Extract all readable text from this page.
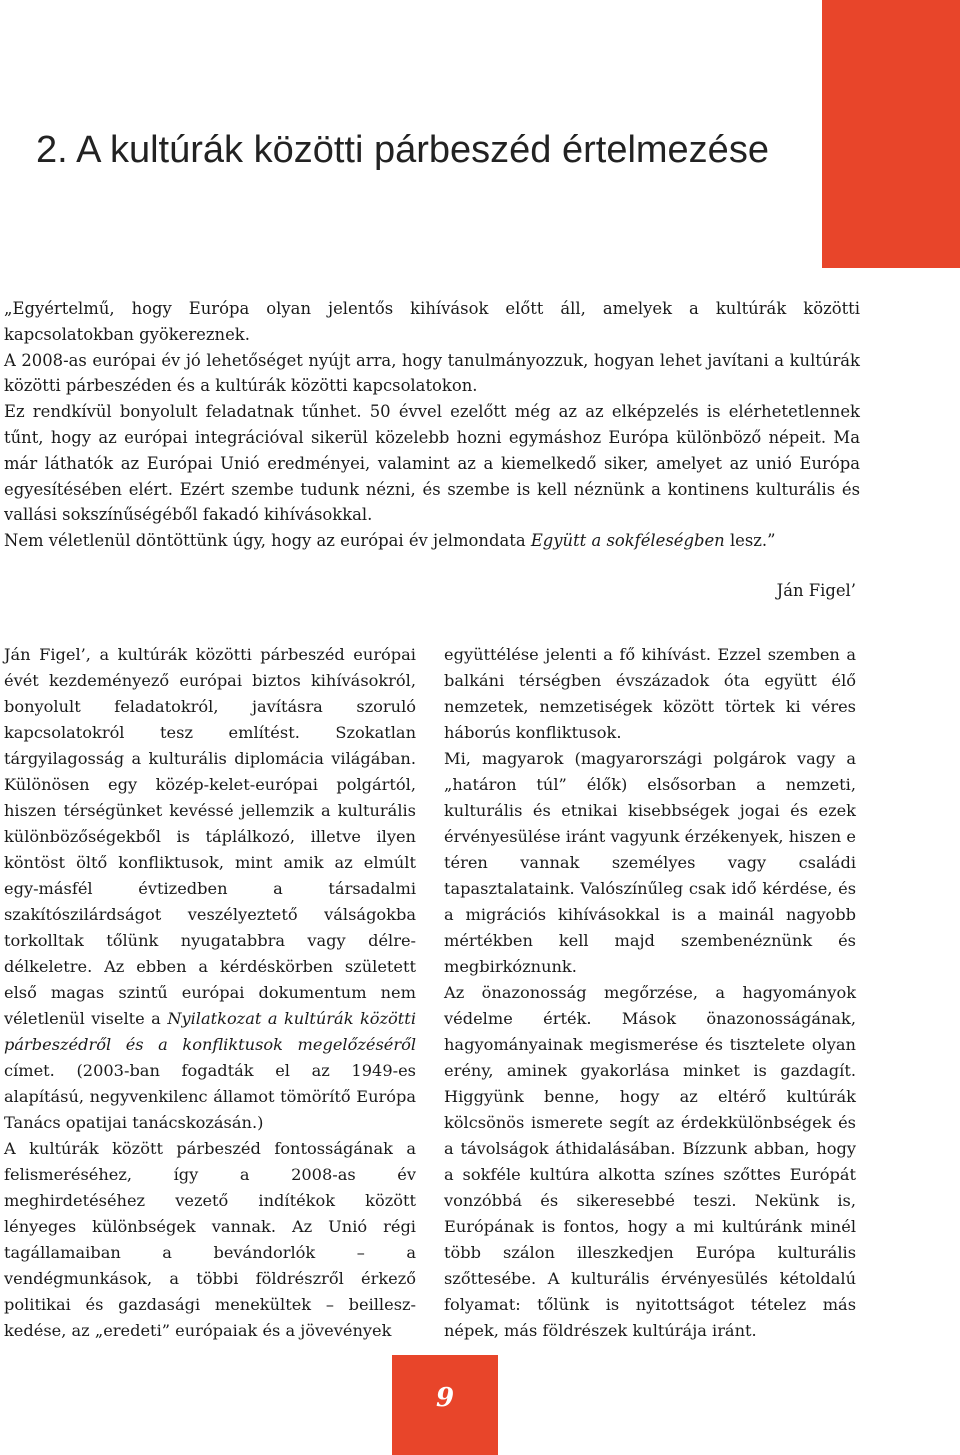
2. A kultúrák közötti párbeszéd értelmezése

„Egyértelmű, hogy Európa olyan jelentős kihívások előtt áll, amelyek a kultúrák közötti kapcsolatokban gyökereznek.

A 2008-as európai év jó lehetőséget nyújt arra, hogy tanulmányozzuk, hogyan lehet javítani a kultúrák közötti párbeszéden és a kultúrák közötti kapcsolatokon.

Ez rendkívül bonyolult feladatnak tűnhet. 50 évvel ezelőtt még az az elképzelés is elérhetetlennek tűnt, hogy az európai integrációval sikerül közelebb hozni egymáshoz Európa különböző népeit. Ma már láthatók az Európai Unió eredményei, valamint az a kiemelkedő siker, amelyet az unió Európa egyesítésében elért. Ezért szembe tudunk nézni, és szembe is kell néznünk a kontinens kulturális és vallási sokszínűségéből fakadó kihívásokkal.

Nem véletlenül döntöttünk úgy, hogy az európai év jelmondata Együtt a sokféleségben lesz.”

Ján Figel’

Ján Figel’, a kultúrák közötti párbeszéd európai évét kezdeményező európai biztos kihívásokról, bonyolult feladatokról, javításra szoruló kapcsolatokról tesz említést. Szokatlan tárgyilagosság a kulturális diplomácia világában. Különösen egy közép-kelet-európai polgártól, hiszen térségünket kevéssé jellemzik a kulturális különbözőségekből is táplálkozó, illetve ilyen köntöst öltő konfliktusok, mint amik az elmúlt egy-másfél évtizedben a társadalmi szakítószilárdságot veszélyeztető válságokba torkolltak tőlünk nyugatabbra vagy délre-délkeletre. Az ebben a kérdéskörben született első magas szintű európai dokumentum nem véletlenül viselte a Nyilatkozat a kultúrák közötti párbeszédről és a konfliktusok megelőzéséről címet. (2003-ban fogadták el az 1949-es alapítású, negyvenkilenc államot tömörítő Európa Tanács opatijai tanácskozásán.)

A kultúrák között párbeszéd fontosságának a felismeréséhez, így a 2008-as év meghirdetéséhez vezető indítékok között lényeges különbségek vannak. Az Unió régi tagállamaiban a bevándorlók – a vendégmunkások, a többi földrészről érkező politikai és gazdasági menekültek – beillesz-kedése, az „eredeti” európaiak és a jövevények

együttélése jelenti a fő kihívást. Ezzel szemben a balkáni térségben évszázadok óta együtt élő nemzetek, nemzetiségek között törtek ki véres háborús konfliktusok.

Mi, magyarok (magyarországi polgárok vagy a „határon túl” élők) elsősorban a nemzeti, kulturális és etnikai kisebbségek jogai és ezek érvényesülése iránt vagyunk érzékenyek, hiszen e téren vannak személyes vagy családi tapasztalataink. Valószínűleg csak idő kérdése, és a migrációs kihívásokkal is a mainál nagyobb mértékben kell majd szembenéznünk és megbirkóznunk.

Az önazonosság megőrzése, a hagyományok védelme érték. Mások önazonosságának, hagyományainak megismerése és tisztelete olyan erény, aminek gyakorlása minket is gazdagít. Higgyünk benne, hogy az eltérő kultúrák kölcsönös ismerete segít az érdekkülönbségek és a távolságok áthidalásában. Bízzunk abban, hogy a sokféle kultúra alkotta színes szőttes Európát vonzóbbá és sikeresebbé teszi. Nekünk is, Európának is fontos, hogy a mi kultúránk minél több szálon illeszkedjen Európa kulturális szőttesébe. A kulturális érvényesülés kétoldalú folyamat: tőlünk is nyitottságot tételez más népek, más földrészek kultúrája iránt.

9
